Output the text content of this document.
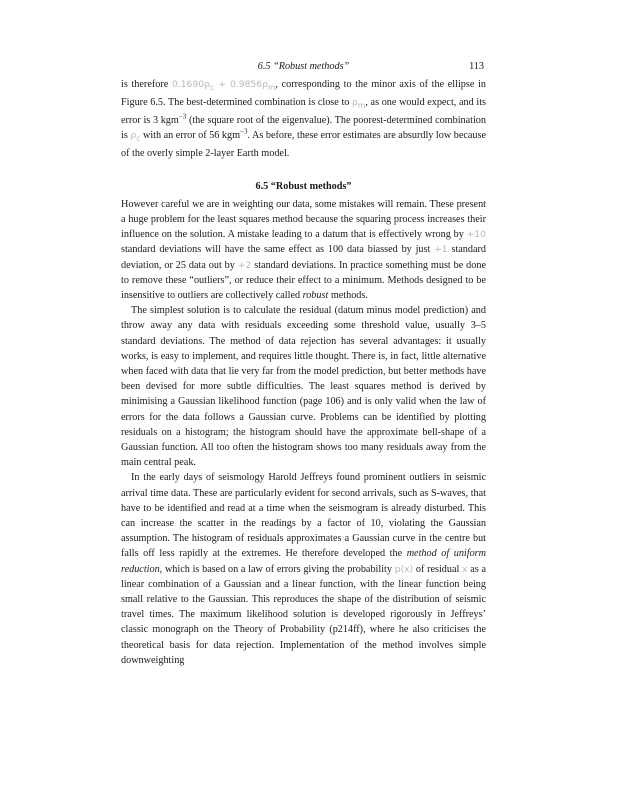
6.5 “Robust methods”	113

is therefore $0.1690\rho_c + 0.9856\rho_m$, corresponding to the minor axis of the ellipse in Figure 6.5. The best-determined combination is close to $\rho_m$, as one would expect, and its error is 3 kgm$^{-3}$ (the square root of the eigenvalue). The poorest-determined combination is $\rho_c$ with an error of 56 kgm$^{-3}$. As before, these error estimates are absurdly low because of the overly simple 2-layer Earth model.

6.5 “Robust methods”

However careful we are in weighting our data, some mistakes will remain. These present a huge problem for the least squares method because the squaring process increases their influence on the solution. A mistake leading to a datum that is effectively wrong by +10 standard deviations will have the same effect as 100 data biassed by just +1 standard deviation, or 25 data out by +2 standard deviations. In practice something must be done to remove these “outliers”, or reduce their effect to a minimum. Methods designed to be insensitive to outliers are collectively called robust methods.

The simplest solution is to calculate the residual (datum minus model prediction) and throw away any data with residuals exceeding some threshold value, usually 3–5 standard deviations. The method of data rejection has several advantages: it usually works, is easy to implement, and requires little thought. There is, in fact, little alternative when faced with data that lie very far from the model prediction, but better methods have been devised for more subtle difficulties. The least squares method is derived by minimising a Gaussian likelihood function (page 106) and is only valid when the law of errors for the data follows a Gaussian curve. Problems can be identified by plotting residuals on a histogram; the histogram should have the approximate bell-shape of a Gaussian function. All too often the histogram shows too many residuals away from the main central peak.

In the early days of seismology Harold Jeffreys found prominent outliers in seismic arrival time data. These are particularly evident for second arrivals, such as S-waves, that have to be identified and read at a time when the seismogram is already disturbed. This can increase the scatter in the readings by a factor of 10, violating the Gaussian assumption. The histogram of residuals approximates a Gaussian curve in the centre but falls off less rapidly at the extremes. He therefore developed the method of uniform reduction, which is based on a law of errors giving the probability p(x) of residual x as a linear combination of a Gaussian and a linear function, with the linear function being small relative to the Gaussian. This reproduces the shape of the distribution of seismic travel times. The maximum likelihood solution is developed rigorously in Jeffreys’ classic monograph on the Theory of Probability (p214ff), where he also criticises the theoretical basis for data rejection. Implementation of the method involves simple downweighting
